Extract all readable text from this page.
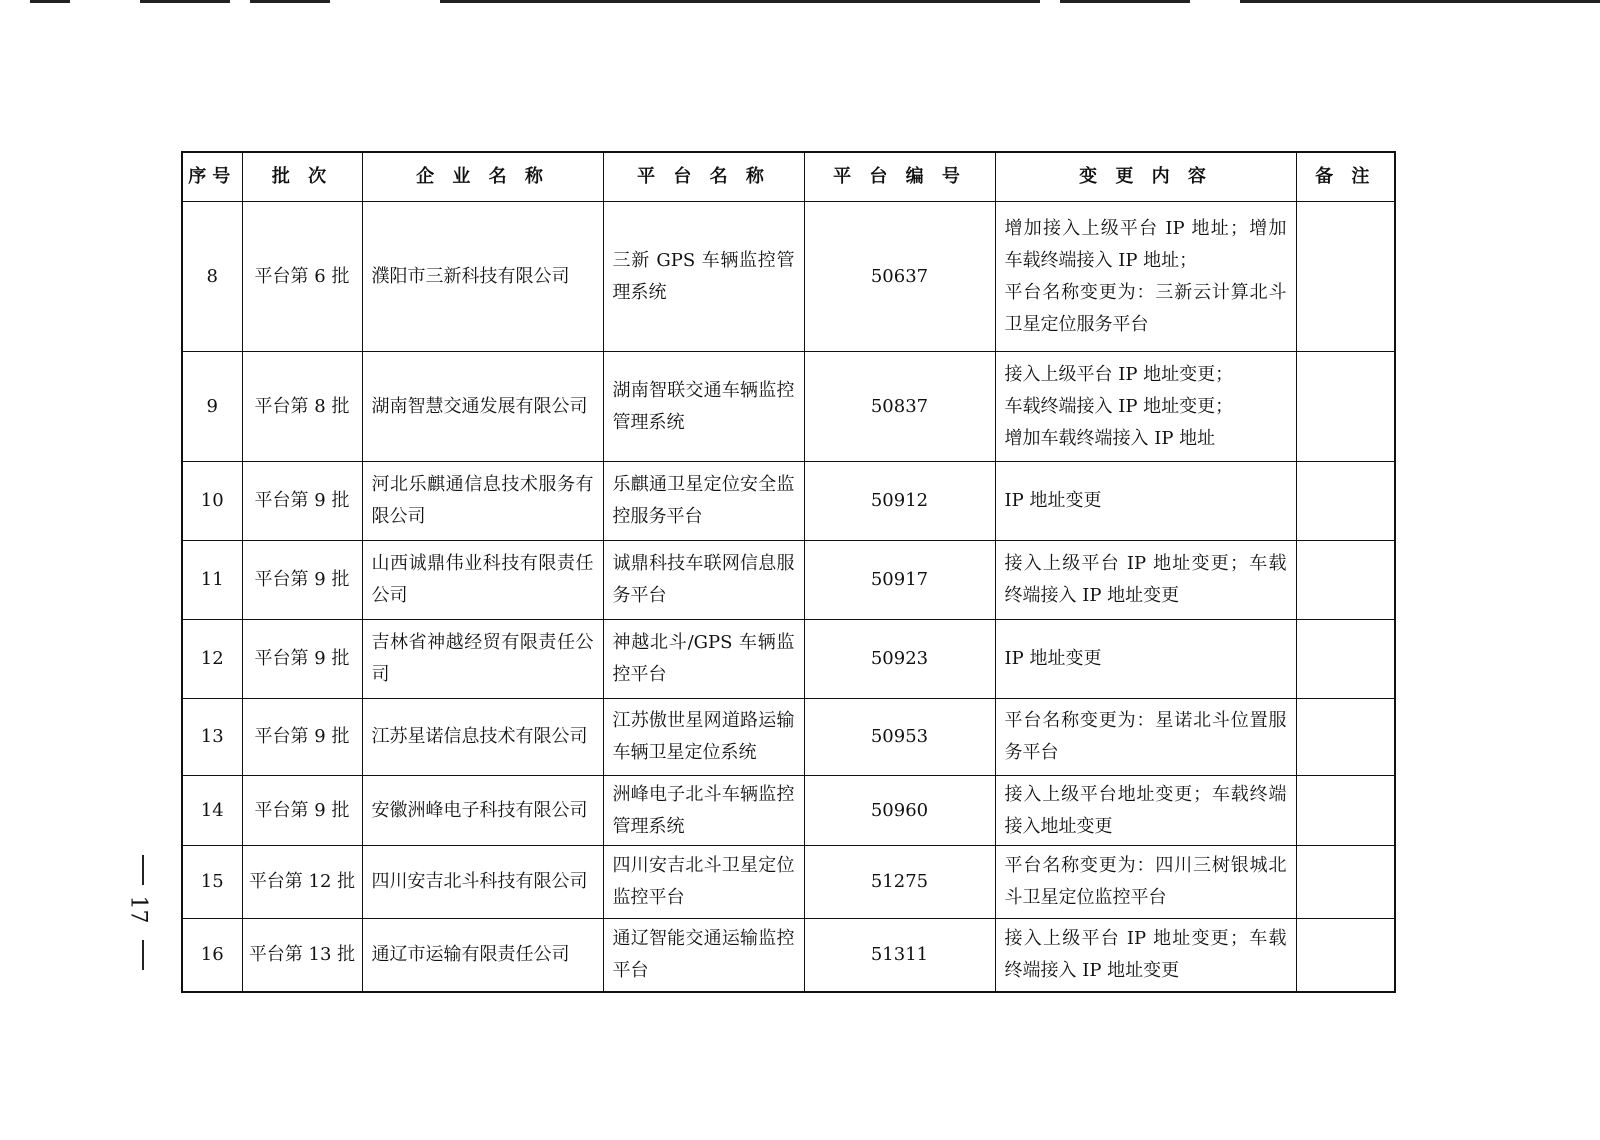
序号	批 次	企 业 名 称	平 台 名 称	平 台 编 号	变 更 内 容	备 注
8	平台第 6 批	濮阳市三新科技有限公司	三新 GPS 车辆监控管理系统	50637	增加接入上级平台 IP 地址；增加车载终端接入 IP 地址；
平台名称变更为：三新云计算北斗卫星定位服务平台	

9	平台第 8 批	湖南智慧交通发展有限公司	湖南智联交通车辆监控管理系统	50837	接入上级平台 IP 地址变更；
车载终端接入 IP 地址变更；
增加车载终端接入 IP 地址	

10	平台第 9 批	河北乐麒通信息技术服务有限公司	乐麒通卫星定位安全监控服务平台	50912	IP 地址变更	

11	平台第 9 批	山西诚鼎伟业科技有限责任公司	诚鼎科技车联网信息服务平台	50917	接入上级平台 IP 地址变更；车载终端接入 IP 地址变更	

12	平台第 9 批	吉林省神越经贸有限责任公司	神越北斗/GPS 车辆监控平台	50923	IP 地址变更	

13	平台第 9 批	江苏星诺信息技术有限公司	江苏傲世星网道路运输车辆卫星定位系统	50953	平台名称变更为：星诺北斗位置服务平台	

14	平台第 9 批	安徽洲峰电子科技有限公司	洲峰电子北斗车辆监控管理系统	50960	接入上级平台地址变更；车载终端接入地址变更	

15	平台第 12 批	四川安吉北斗科技有限公司	四川安吉北斗卫星定位监控平台	51275	平台名称变更为：四川三树银城北斗卫星定位监控平台	

16	平台第 13 批	通辽市运输有限责任公司	通辽智能交通运输监控平台	51311	接入上级平台 IP 地址变更；车载终端接入 IP 地址变更	

17
